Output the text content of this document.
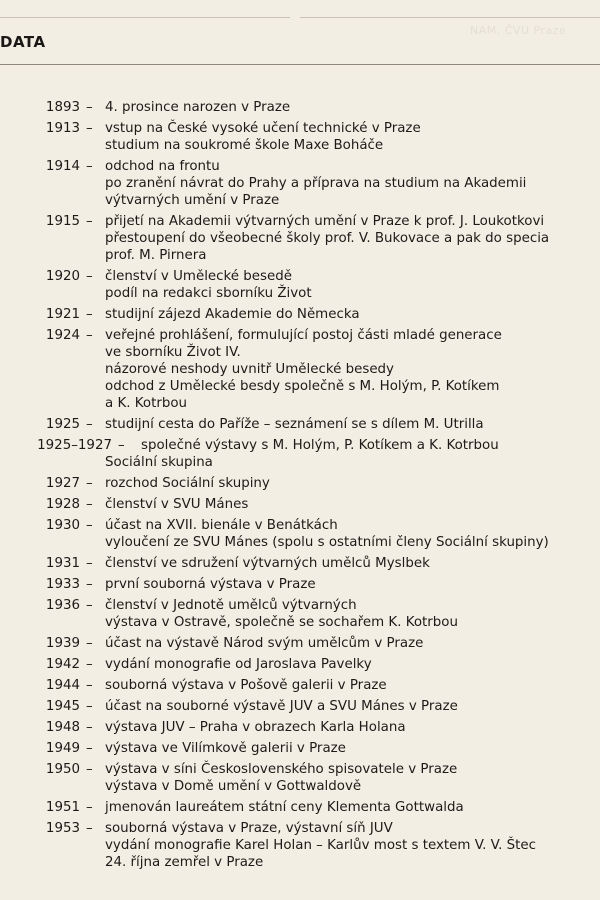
NAM. ČVU Praze
DATA
1893 – 4. prosince narozen v Praze
1913 – vstup na České vysoké učení technické v Praze
studium na soukromé škole Maxe Boháče
1914 – odchod na frontu
po zranění návrat do Prahy a příprava na studium na Akademii
výtvarných umění v Praze
1915 – přijetí na Akademii výtvarných umění v Praze k prof. J. Loukotkovi
přestoupení do všeobecné školy prof. V. Bukovace a pak do specia
prof. M. Pirnera
1920 – členství v Umělecké besedě
podíl na redakci sborníku Život
1921 – studijní zájezd Akademie do Německa
1924 – veřejné prohlášení, formulující postoj části mladé generace
ve sborníku Život IV.
názorové neshody uvnitř Umělecké besedy
odchod z Umělecké besdy společně s M. Holým, P. Kotíkem
a K. Kotrbou
1925 – studijní cesta do Paříže – seznámení se s dílem M. Utrilla
1925–1927 – společné výstavy s M. Holým, P. Kotíkem a K. Kotrbou
Sociální skupina
1927 – rozchod Sociální skupiny
1928 – členství v SVU Mánes
1930 – účast na XVII. bienále v Benátkách
vyloučení ze SVU Mánes (spolu s ostatními členy Sociální skupiny)
1931 – členství ve sdružení výtvarných umělců Myslbek
1933 – první souborná výstava v Praze
1936 – členství v Jednotě umělců výtvarných
výstava v Ostravě, společně se sochařem K. Kotrbou
1939 – účast na výstavě Národ svým umělcům v Praze
1942 – vydání monografie od Jaroslava Pavelky
1944 – souborná výstava v Pošově galerii v Praze
1945 – účast na souborné výstavě JUV a SVU Mánes v Praze
1948 – výstava JUV – Praha v obrazech Karla Holana
1949 – výstava ve Vilímkově galerii v Praze
1950 – výstava v síni Československého spisovatele v Praze
výstava v Domě umění v Gottwaldově
1951 – jmenován laureátem státní ceny Klementa Gottwalda
1953 – souborná výstava v Praze, výstavní síň JUV
vydání monografie Karel Holan – Karlův most s textem V. V. Štec
24. října zemřel v Praze
